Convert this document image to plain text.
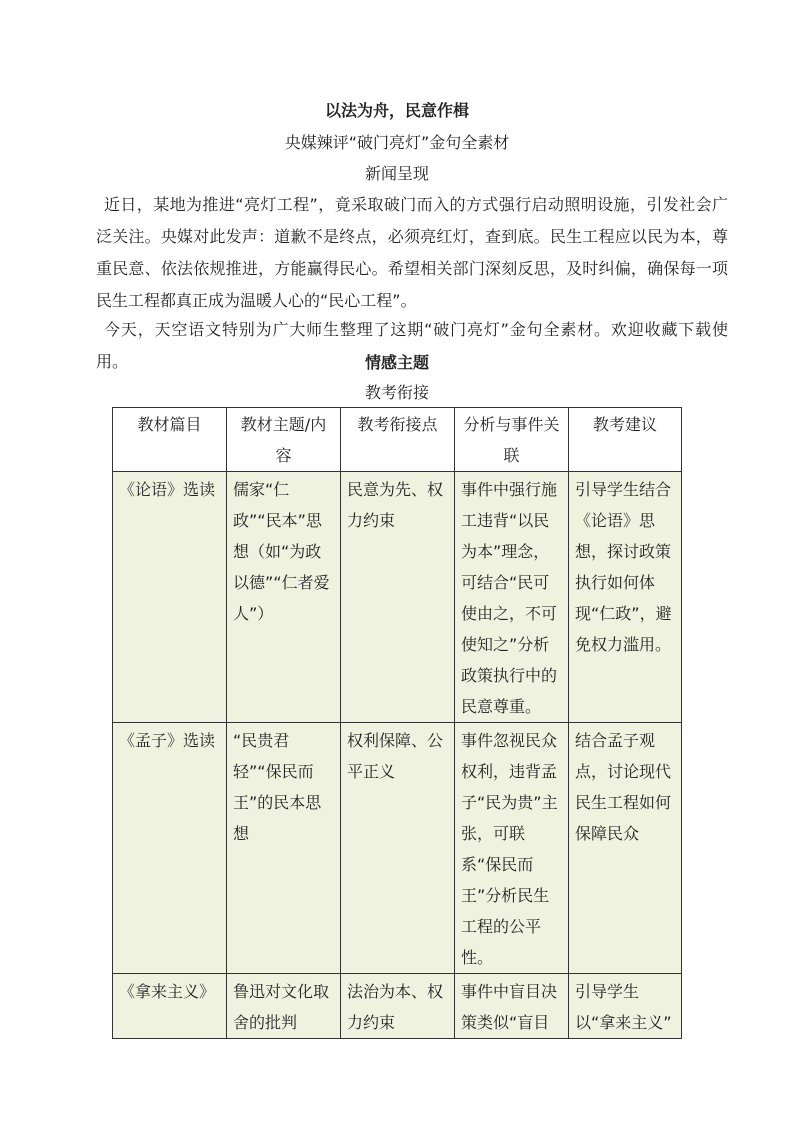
以法为舟，民意作楫
央媒辣评“破门亮灯”金句全素材
新闻呈现
近日，某地为推进“亮灯工程”，竟采取破门而入的方式强行启动照明设施，引发社会广泛关注。央媒对此发声：道歉不是终点，必须亮红灯，查到底。民生工程应以民为本，尊重民意、依法依规推进，方能赢得民心。希望相关部门深刻反思，及时纠偏，确保每一项民生工程都真正成为温暖人心的“民心工程”。
今天，天空语文特别为广大师生整理了这期“破门亮灯”金句全素材。欢迎收藏下载使用。	情感主题
教考衔接
教材篇目	教材主题/内容	教考衔接点	分析与事件关联	教考建议
《论语》选读	儒家“仁政”“民本”思想（如“为政以德”“仁者爱人”）	民意为先、权力约束	事件中强行施工违背“以民为本”理念，可结合“民可使由之，不可使知之”分析政策执行中的民意尊重。	引导学生结合《论语》思想，探讨政策执行如何体现“仁政”，避免权力滥用。
《孟子》选读	“民贵君轻”“保民而王”的民本思想	权利保障、公平正义	事件忽视民众权利，违背孟子“民为贵”主张，可联系“保民而王”分析民生工程的公平性。	结合孟子观点，讨论现代民生工程如何保障民众
《拿来主义》	鲁迅对文化取舍的批判	法治为本、权力约束	事件中盲目决策类似“盲目	引导学生以“拿来主义”
